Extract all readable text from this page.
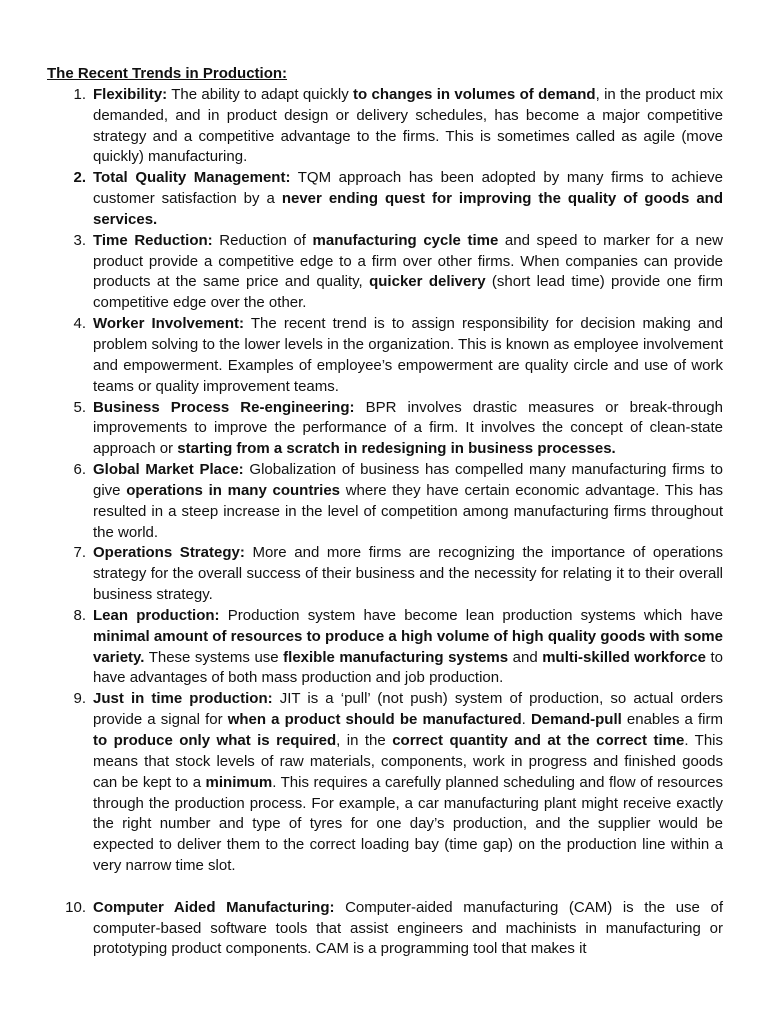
The Recent Trends in Production:

1. Flexibility: The ability to adapt quickly to changes in volumes of demand, in the product mix demanded, and in product design or delivery schedules, has become a major competitive strategy and a competitive advantage to the firms. This is sometimes called as agile (move quickly) manufacturing.
2. Total Quality Management: TQM approach has been adopted by many firms to achieve customer satisfaction by a never ending quest for improving the quality of goods and services.
3. Time Reduction: Reduction of manufacturing cycle time and speed to marker for a new product provide a competitive edge to a firm over other firms. When companies can provide products at the same price and quality, quicker delivery (short lead time) provide one firm competitive edge over the other.
4. Worker Involvement: The recent trend is to assign responsibility for decision making and problem solving to the lower levels in the organization. This is known as employee involvement and empowerment. Examples of employee’s empowerment are quality circle and use of work teams or quality improvement teams.
5. Business Process Re-engineering: BPR involves drastic measures or break-through improvements to improve the performance of a firm. It involves the concept of clean-state approach or starting from a scratch in redesigning in business processes.
6. Global Market Place: Globalization of business has compelled many manufacturing firms to give operations in many countries where they have certain economic advantage. This has resulted in a steep increase in the level of competition among manufacturing firms throughout the world.
7. Operations Strategy: More and more firms are recognizing the importance of operations strategy for the overall success of their business and the necessity for relating it to their overall business strategy.
8. Lean production: Production system have become lean production systems which have minimal amount of resources to produce a high volume of high quality goods with some variety. These systems use flexible manufacturing systems and multi-skilled workforce to have advantages of both mass production and job production.
9. Just in time production: JIT is a ‘pull’ (not push) system of production, so actual orders provide a signal for when a product should be manufactured. Demand-pull enables a firm to produce only what is required, in the correct quantity and at the correct time. This means that stock levels of raw materials, components, work in progress and finished goods can be kept to a minimum. This requires a carefully planned scheduling and flow of resources through the production process. For example, a car manufacturing plant might receive exactly the right number and type of tyres for one day’s production, and the supplier would be expected to deliver them to the correct loading bay (time gap) on the production line within a very narrow time slot.
10. Computer Aided Manufacturing: Computer-aided manufacturing (CAM) is the use of computer-based software tools that assist engineers and machinists in manufacturing or prototyping product components. CAM is a programming tool that makes it
